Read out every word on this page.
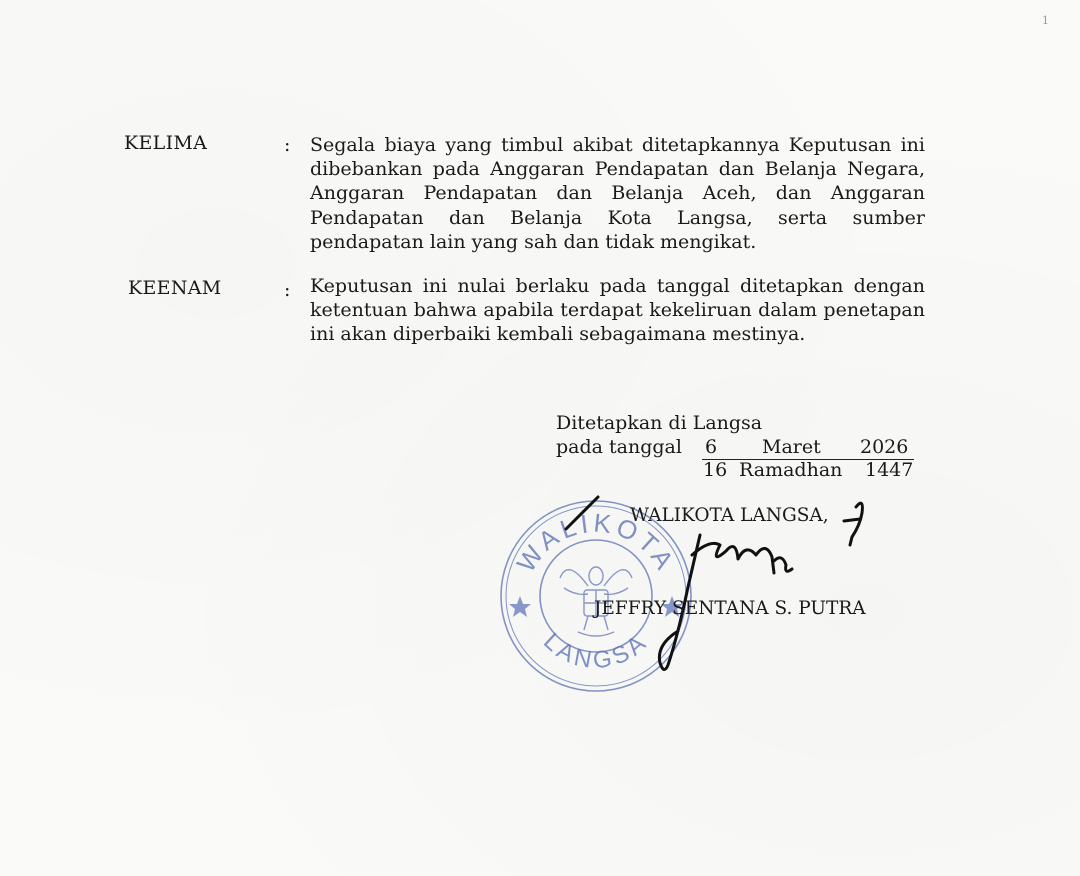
1
KELIMA	: Segala biaya yang timbul akibat ditetapkannya Keputusan ini dibebankan pada Anggaran Pendapatan dan Belanja Negara, Anggaran Pendapatan dan Belanja Aceh, dan Anggaran Pendapatan dan Belanja Kota Langsa, serta sumber pendapatan lain yang sah dan tidak mengikat.

KEENAM	: Keputusan ini nulai berlaku pada tanggal ditetapkan dengan ketentuan bahwa apabila terdapat kekeliruan dalam penetapan ini akan diperbaiki kembali sebagaimana mestinya.

Ditetapkan di Langsa
pada tanggal 6 Maret 2026
16 Ramadhan 1447
WALIKOTA
LANGSA
WALIKOTA LANGSA,
JEFFRY SENTANA S. PUTRA
